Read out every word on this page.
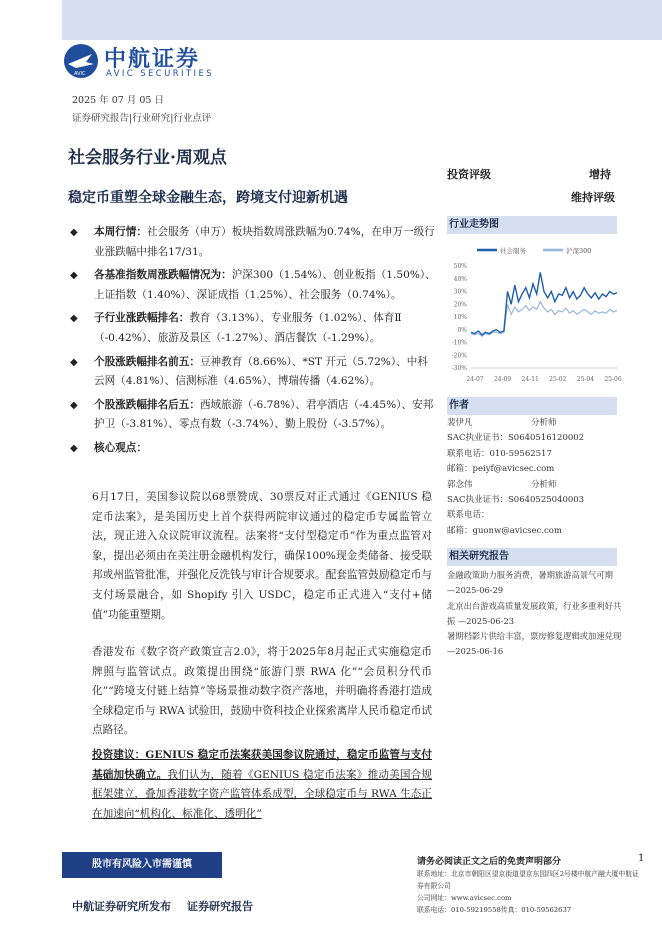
AVIC
中航证券
AVIC SECURITIES
2025 年 07 月 05 日
证券研究报告|行业研究|行业点评
社会服务行业·周观点
稳定币重塑全球金融生态，跨境支付迎新机遇
投资评级	增持
维持评级
◆	本周行情：社会服务（申万）板块指数周涨跌幅为0.74%，在申万一级行业涨跌幅中排名17/31。
◆	各基准指数周涨跌幅情况为：沪深300（1.54%）、创业板指（1.50%）、上证指数（1.40%）、深证成指（1.25%）、社会服务（0.74%）。
◆	子行业涨跌幅排名：教育（3.13%）、专业服务（1.02%）、体育Ⅱ（-0.42%）、旅游及景区（-1.27%）、酒店餐饮（-1.29%）。
◆	个股涨跌幅排名前五：豆神教育（8.66%）、*ST 开元（5.72%）、中科云网（4.81%）、信测标准（4.65%）、博瑞传播（4.62%）。
◆	个股涨跌幅排名后五：西域旅游（-6.78%）、君亭酒店（-4.45%）、安邦护卫（-3.81%）、零点有数（-3.74%）、勤上股份（-3.57%）。
◆	核心观点：
6月17日，美国参议院以68票赞成、30票反对正式通过《GENIUS 稳定币法案》，是美国历史上首个获得两院审议通过的稳定币专属监管立法，现正进入众议院审议流程。法案将“支付型稳定币”作为重点监管对象，提出必须由在美注册金融机构发行，确保100%现金类储备、接受联邦或州监管批准，并强化反洗钱与审计合规要求。配套监管鼓励稳定币与支付场景融合，如 Shopify 引入 USDC，稳定币正式进入“支付+储值”功能重塑期。
香港发布《数字资产政策宣言2.0》，将于2025年8月起正式实施稳定币牌照与监管试点。政策提出围绕“旅游门票 RWA 化”“会员积分代币化”“跨境支付链上结算”等场景推动数字资产落地，并明确将香港打造成全球稳定币与 RWA 试验田，鼓励中资科技企业探索离岸人民币稳定币试点路径。
投资建议：GENIUS 稳定币法案获美国参议院通过，稳定币监管与支付基础加快确立。我们认为，随着《GENIUS 稳定币法案》推动美国合规框架建立，叠加香港数字资产监管体系成型，全球稳定币与 RWA 生态正在加速向“机构化、标准化、透明化”
行业走势图
社会服务	沪深300
50%
40%
30%
20%
10%
0%
-10%
-20%
-30%
24-07 24-09 24-11 25-02 25-04 25-06
作者
裴伊凡	分析师
SAC执业证书：S0640516120002
联系电话：010-59562517
邮箱：peiyf@avicsec.com
郭念伟	分析师
SAC执业证书：S0640525040003
联系电话：
邮箱：guonw@avicsec.com
相关研究报告
金融政策助力服务消费，暑期旅游高景气可期 —2025-06-29
北京出台游戏高质量发展政策，行业多重利好共振 —2025-06-23
暑期档影片供给丰富，票房修复逻辑或加速兑现 —2025-06-16
股市有风险入市需谨慎	请务必阅读正文之后的免责声明部分	1
联系地址：北京市朝阳区望京街道望京东园四区2号楼中航产融大厦中航证券有限公司
公司网址：www.avicsec.com
联系电话：010-59219558传真：010-59562637
中航证券研究所发布 证券研究报告
